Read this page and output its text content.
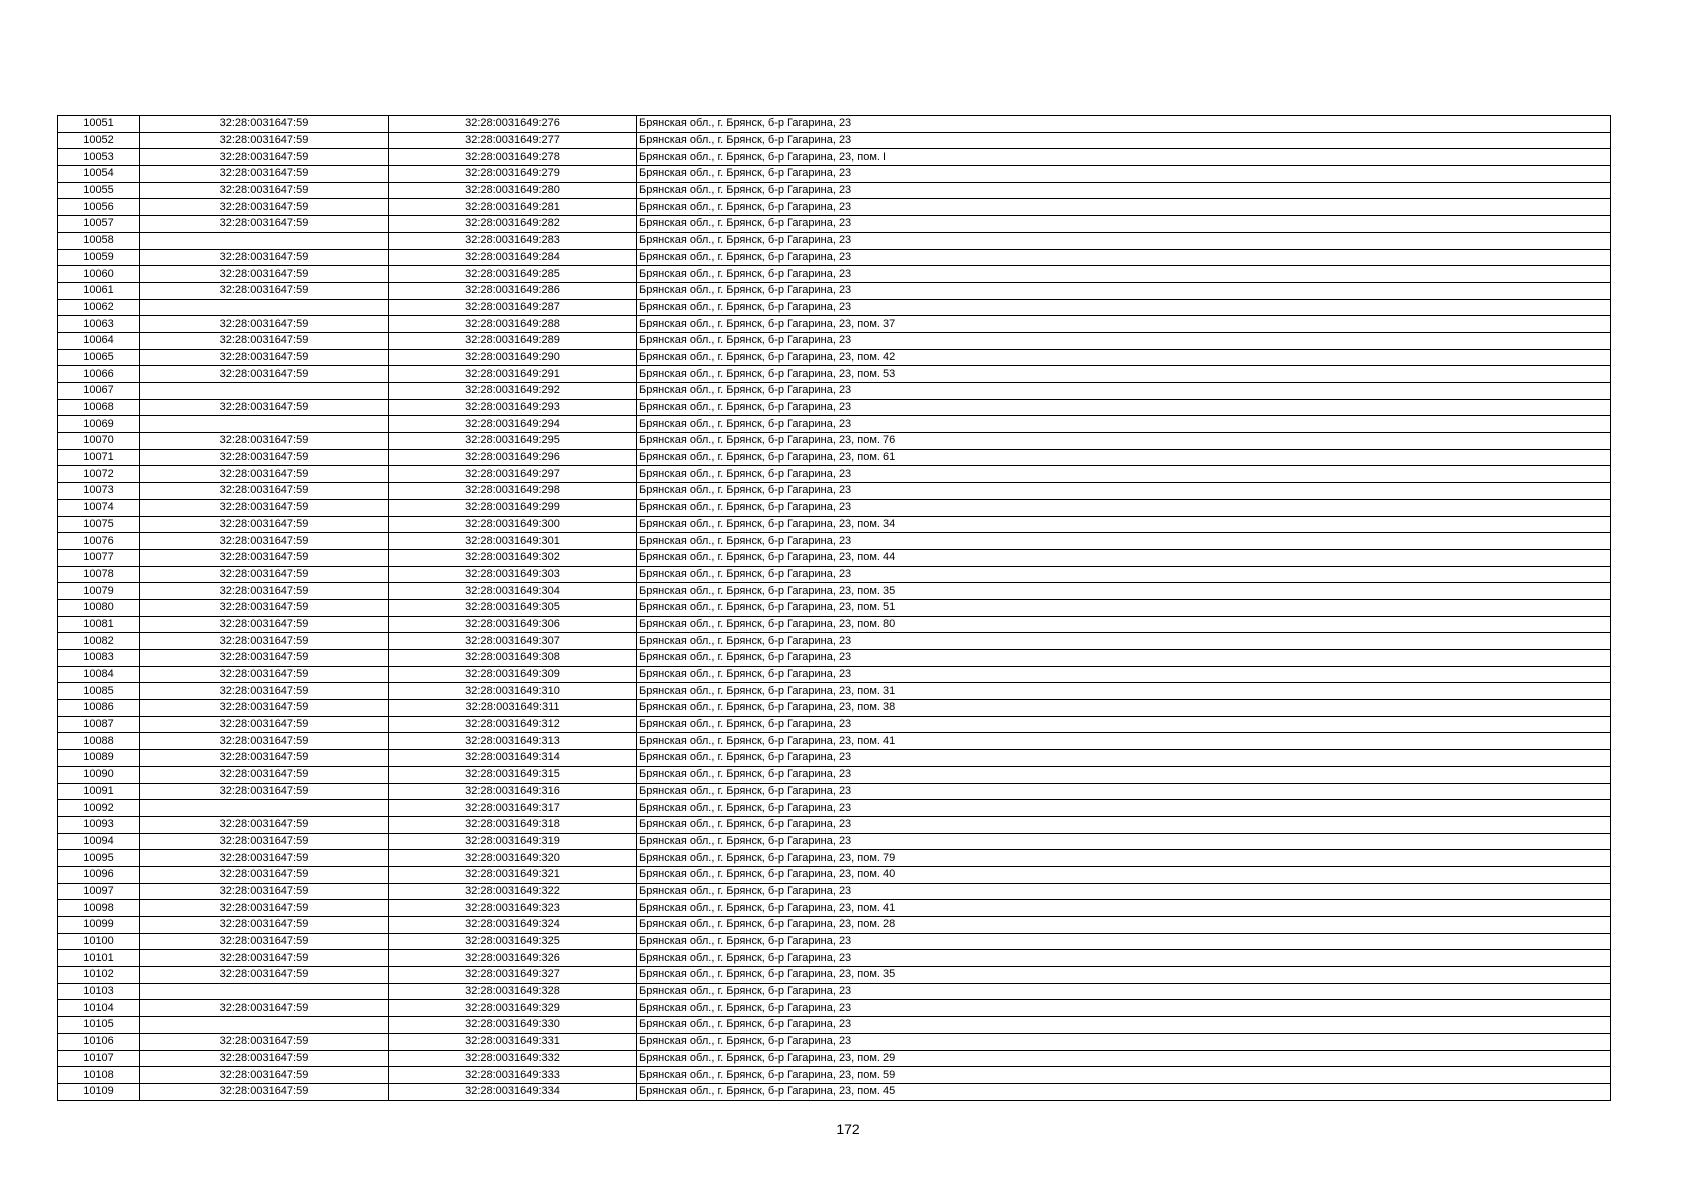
10051	32:28:0031647:59	32:28:0031649:276	Брянская обл., г. Брянск, б-р Гагарина, 23
10052	32:28:0031647:59	32:28:0031649:277	Брянская обл., г. Брянск, б-р Гагарина, 23
10053	32:28:0031647:59	32:28:0031649:278	Брянская обл., г. Брянск, б-р Гагарина, 23, пом. I
10054	32:28:0031647:59	32:28:0031649:279	Брянская обл., г. Брянск, б-р Гагарина, 23
10055	32:28:0031647:59	32:28:0031649:280	Брянская обл., г. Брянск, б-р Гагарина, 23
10056	32:28:0031647:59	32:28:0031649:281	Брянская обл., г. Брянск, б-р Гагарина, 23
10057	32:28:0031647:59	32:28:0031649:282	Брянская обл., г. Брянск, б-р Гагарина, 23
10058		32:28:0031649:283	Брянская обл., г. Брянск, б-р Гагарина, 23
10059	32:28:0031647:59	32:28:0031649:284	Брянская обл., г. Брянск, б-р Гагарина, 23
10060	32:28:0031647:59	32:28:0031649:285	Брянская обл., г. Брянск, б-р Гагарина, 23
10061	32:28:0031647:59	32:28:0031649:286	Брянская обл., г. Брянск, б-р Гагарина, 23
10062		32:28:0031649:287	Брянская обл., г. Брянск, б-р Гагарина, 23
10063	32:28:0031647:59	32:28:0031649:288	Брянская обл., г. Брянск, б-р Гагарина, 23, пом. 37
10064	32:28:0031647:59	32:28:0031649:289	Брянская обл., г. Брянск, б-р Гагарина, 23
10065	32:28:0031647:59	32:28:0031649:290	Брянская обл., г. Брянск, б-р Гагарина, 23, пом. 42
10066	32:28:0031647:59	32:28:0031649:291	Брянская обл., г. Брянск, б-р Гагарина, 23, пом. 53
10067		32:28:0031649:292	Брянская обл., г. Брянск, б-р Гагарина, 23
10068	32:28:0031647:59	32:28:0031649:293	Брянская обл., г. Брянск, б-р Гагарина, 23
10069		32:28:0031649:294	Брянская обл., г. Брянск, б-р Гагарина, 23
10070	32:28:0031647:59	32:28:0031649:295	Брянская обл., г. Брянск, б-р Гагарина, 23, пом. 76
10071	32:28:0031647:59	32:28:0031649:296	Брянская обл., г. Брянск, б-р Гагарина, 23, пом. 61
10072	32:28:0031647:59	32:28:0031649:297	Брянская обл., г. Брянск, б-р Гагарина, 23
10073	32:28:0031647:59	32:28:0031649:298	Брянская обл., г. Брянск, б-р Гагарина, 23
10074	32:28:0031647:59	32:28:0031649:299	Брянская обл., г. Брянск, б-р Гагарина, 23
10075	32:28:0031647:59	32:28:0031649:300	Брянская обл., г. Брянск, б-р Гагарина, 23, пом. 34
10076	32:28:0031647:59	32:28:0031649:301	Брянская обл., г. Брянск, б-р Гагарина, 23
10077	32:28:0031647:59	32:28:0031649:302	Брянская обл., г. Брянск, б-р Гагарина, 23, пом. 44
10078	32:28:0031647:59	32:28:0031649:303	Брянская обл., г. Брянск, б-р Гагарина, 23
10079	32:28:0031647:59	32:28:0031649:304	Брянская обл., г. Брянск, б-р Гагарина, 23, пом. 35
10080	32:28:0031647:59	32:28:0031649:305	Брянская обл., г. Брянск, б-р Гагарина, 23, пом. 51
10081	32:28:0031647:59	32:28:0031649:306	Брянская обл., г. Брянск, б-р Гагарина, 23, пом. 80
10082	32:28:0031647:59	32:28:0031649:307	Брянская обл., г. Брянск, б-р Гагарина, 23
10083	32:28:0031647:59	32:28:0031649:308	Брянская обл., г. Брянск, б-р Гагарина, 23
10084	32:28:0031647:59	32:28:0031649:309	Брянская обл., г. Брянск, б-р Гагарина, 23
10085	32:28:0031647:59	32:28:0031649:310	Брянская обл., г. Брянск, б-р Гагарина, 23, пом. 31
10086	32:28:0031647:59	32:28:0031649:311	Брянская обл., г. Брянск, б-р Гагарина, 23, пом. 38
10087	32:28:0031647:59	32:28:0031649:312	Брянская обл., г. Брянск, б-р Гагарина, 23
10088	32:28:0031647:59	32:28:0031649:313	Брянская обл., г. Брянск, б-р Гагарина, 23, пом. 41
10089	32:28:0031647:59	32:28:0031649:314	Брянская обл., г. Брянск, б-р Гагарина, 23
10090	32:28:0031647:59	32:28:0031649:315	Брянская обл., г. Брянск, б-р Гагарина, 23
10091	32:28:0031647:59	32:28:0031649:316	Брянская обл., г. Брянск, б-р Гагарина, 23
10092		32:28:0031649:317	Брянская обл., г. Брянск, б-р Гагарина, 23
10093	32:28:0031647:59	32:28:0031649:318	Брянская обл., г. Брянск, б-р Гагарина, 23
10094	32:28:0031647:59	32:28:0031649:319	Брянская обл., г. Брянск, б-р Гагарина, 23
10095	32:28:0031647:59	32:28:0031649:320	Брянская обл., г. Брянск, б-р Гагарина, 23, пом. 79
10096	32:28:0031647:59	32:28:0031649:321	Брянская обл., г. Брянск, б-р Гагарина, 23, пом. 40
10097	32:28:0031647:59	32:28:0031649:322	Брянская обл., г. Брянск, б-р Гагарина, 23
10098	32:28:0031647:59	32:28:0031649:323	Брянская обл., г. Брянск, б-р Гагарина, 23, пом. 41
10099	32:28:0031647:59	32:28:0031649:324	Брянская обл., г. Брянск, б-р Гагарина, 23, пом. 28
10100	32:28:0031647:59	32:28:0031649:325	Брянская обл., г. Брянск, б-р Гагарина, 23
10101	32:28:0031647:59	32:28:0031649:326	Брянская обл., г. Брянск, б-р Гагарина, 23
10102	32:28:0031647:59	32:28:0031649:327	Брянская обл., г. Брянск, б-р Гагарина, 23, пом. 35
10103		32:28:0031649:328	Брянская обл., г. Брянск, б-р Гагарина, 23
10104	32:28:0031647:59	32:28:0031649:329	Брянская обл., г. Брянск, б-р Гагарина, 23
10105		32:28:0031649:330	Брянская обл., г. Брянск, б-р Гагарина, 23
10106	32:28:0031647:59	32:28:0031649:331	Брянская обл., г. Брянск, б-р Гагарина, 23
10107	32:28:0031647:59	32:28:0031649:332	Брянская обл., г. Брянск, б-р Гагарина, 23, пом. 29
10108	32:28:0031647:59	32:28:0031649:333	Брянская обл., г. Брянск, б-р Гагарина, 23, пом. 59
10109	32:28:0031647:59	32:28:0031649:334	Брянская обл., г. Брянск, б-р Гагарина, 23, пом. 45
172
